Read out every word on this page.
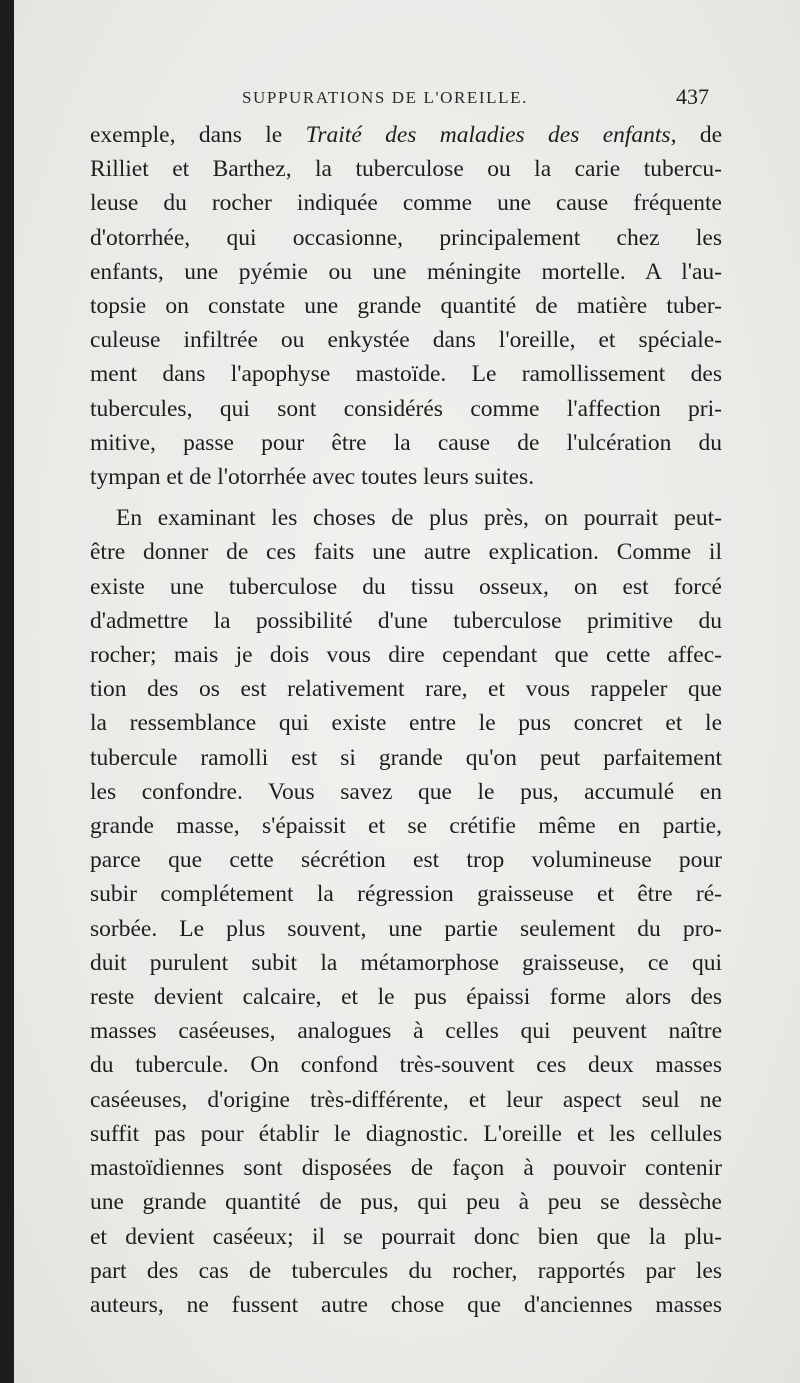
SUPPURATIONS DE L'OREILLE.	437
exemple, dans le Traité des maladies des enfants, de
Rilliet et Barthez, la tuberculose ou la carie tubercu-
leuse du rocher indiquée comme une cause fréquente
d'otorrhée, qui occasionne, principalement chez les
enfants, une pyémie ou une méningite mortelle. A l'au-
topsie on constate une grande quantité de matière tuber-
culeuse infiltrée ou enkystée dans l'oreille, et spéciale-
ment dans l'apophyse mastoïde. Le ramollissement des
tubercules, qui sont considérés comme l'affection pri-
mitive, passe pour être la cause de l'ulcération du
tympan et de l'otorrhée avec toutes leurs suites.
En examinant les choses de plus près, on pourrait peut-
être donner de ces faits une autre explication. Comme il
existe une tuberculose du tissu osseux, on est forcé
d'admettre la possibilité d'une tuberculose primitive du
rocher; mais je dois vous dire cependant que cette affec-
tion des os est relativement rare, et vous rappeler que
la ressemblance qui existe entre le pus concret et le
tubercule ramolli est si grande qu'on peut parfaitement
les confondre. Vous savez que le pus, accumulé en
grande masse, s'épaissit et se crétifie même en partie,
parce que cette sécrétion est trop volumineuse pour
subir complétement la régression graisseuse et être ré-
sorbée. Le plus souvent, une partie seulement du pro-
duit purulent subit la métamorphose graisseuse, ce qui
reste devient calcaire, et le pus épaissi forme alors des
masses caséeuses, analogues à celles qui peuvent naître
du tubercule. On confond très-souvent ces deux masses
caséeuses, d'origine très-différente, et leur aspect seul ne
suffit pas pour établir le diagnostic. L'oreille et les cellules
mastoïdiennes sont disposées de façon à pouvoir contenir
une grande quantité de pus, qui peu à peu se dessèche
et devient caséeux; il se pourrait donc bien que la plu-
part des cas de tubercules du rocher, rapportés par les
auteurs, ne fussent autre chose que d'anciennes masses
